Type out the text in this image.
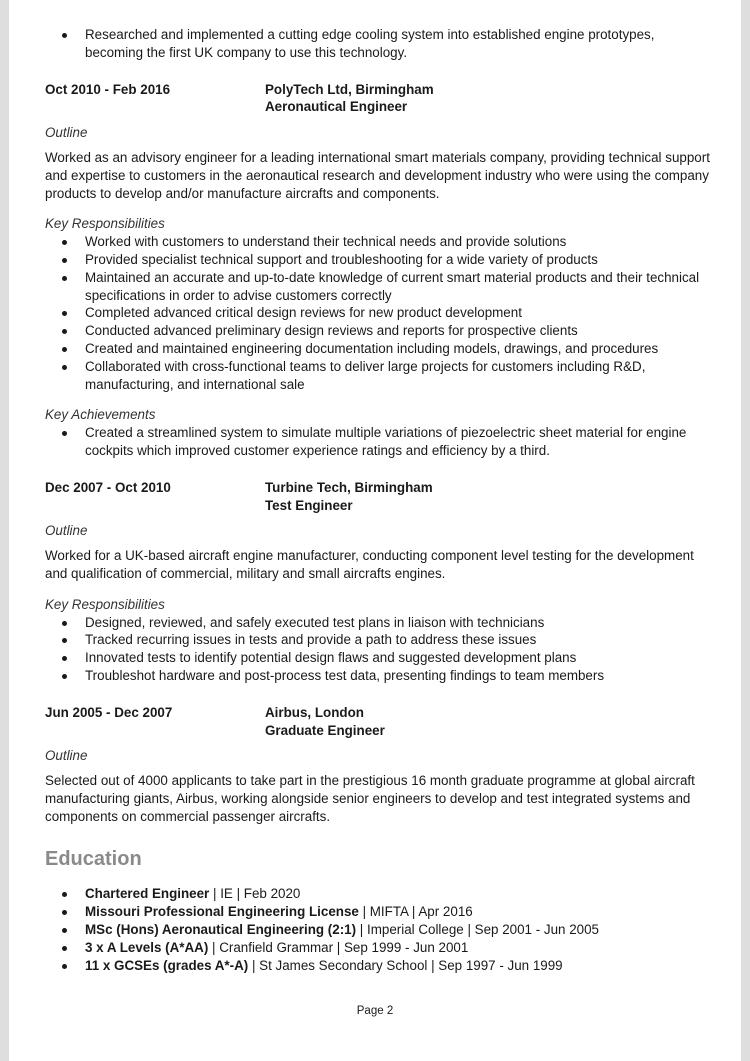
Researched and implemented a cutting edge cooling system into established engine prototypes, becoming the first UK company to use this technology.
Oct 2010 - Feb 2016	PolyTech Ltd, Birmingham
Aeronautical Engineer
Outline

Worked as an advisory engineer for a leading international smart materials company, providing technical support and expertise to customers in the aeronautical research and development industry who were using the company products to develop and/or manufacture aircrafts and components.

Key Responsibilities
Worked with customers to understand their technical needs and provide solutions
Provided specialist technical support and troubleshooting for a wide variety of products
Maintained an accurate and up-to-date knowledge of current smart material products and their technical specifications in order to advise customers correctly
Completed advanced critical design reviews for new product development
Conducted advanced preliminary design reviews and reports for prospective clients
Created and maintained engineering documentation including models, drawings, and procedures
Collaborated with cross-functional teams to deliver large projects for customers including R&D, manufacturing, and international sale
Key Achievements
Created a streamlined system to simulate multiple variations of piezoelectric sheet material for engine cockpits which improved customer experience ratings and efficiency by a third.
Dec 2007 - Oct 2010	Turbine Tech, Birmingham
Test Engineer
Outline

Worked for a UK-based aircraft engine manufacturer, conducting component level testing for the development and qualification of commercial, military and small aircrafts engines.

Key Responsibilities
Designed, reviewed, and safely executed test plans in liaison with technicians
Tracked recurring issues in tests and provide a path to address these issues
Innovated tests to identify potential design flaws and suggested development plans
Troubleshot hardware and post-process test data, presenting findings to team members
Jun 2005 - Dec 2007	Airbus, London
Graduate Engineer
Outline

Selected out of 4000 applicants to take part in the prestigious 16 month graduate programme at global aircraft manufacturing giants, Airbus, working alongside senior engineers to develop and test integrated systems and components on commercial passenger aircrafts.

Education
Chartered Engineer | IE | Feb 2020
Missouri Professional Engineering License | MIFTA | Apr 2016
MSc (Hons) Aeronautical Engineering (2:1) | Imperial College | Sep 2001 - Jun 2005
3 x A Levels (A*AA) | Cranfield Grammar | Sep 1999 - Jun 2001
11 x GCSEs (grades A*-A) | St James Secondary School | Sep 1997 - Jun 1999
Page 2
